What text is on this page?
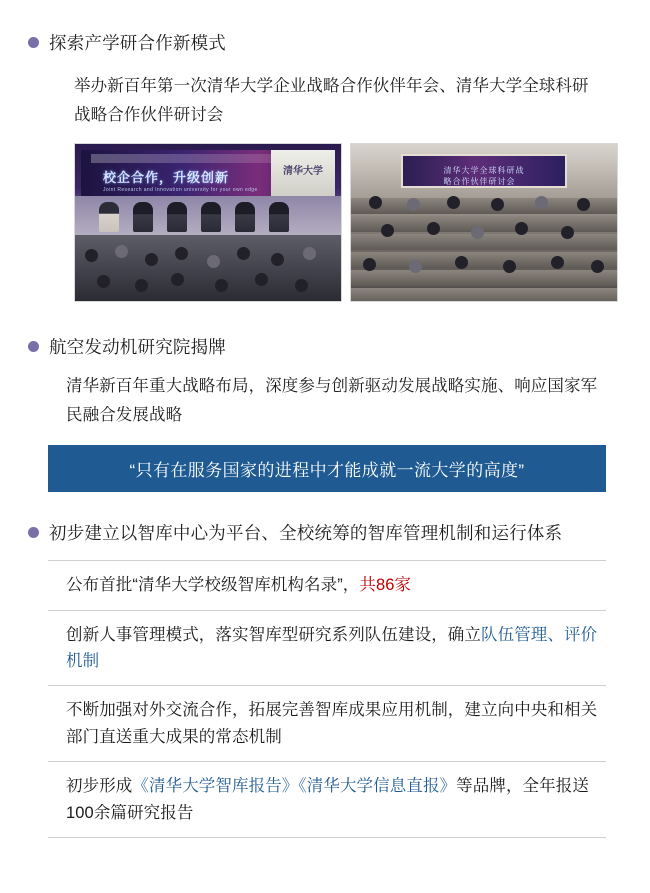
探索产学研合作新模式
举办新百年第一次清华大学企业战略合作伙伴年会、清华大学全球科研战略合作伙伴研讨会
校企合作，升级创新
Joint Research and Innovation university for your own edge
清华大学	清华大学全球科研战略合作伙伴研讨会
航空发动机研究院揭牌
清华新百年重大战略布局，深度参与创新驱动发展战略实施、响应国家军民融合发展战略
“只有在服务国家的进程中才能成就一流大学的高度”
初步建立以智库中心为平台、全校统筹的智库管理机制和运行体系
公布首批“清华大学校级智库机构名录”，共86家
创新人事管理模式，落实智库型研究系列队伍建设，确立队伍管理、评价机制
不断加强对外交流合作，拓展完善智库成果应用机制，建立向中央和相关部门直送重大成果的常态机制
初步形成《清华大学智库报告》《清华大学信息直报》等品牌，全年报送100余篇研究报告
